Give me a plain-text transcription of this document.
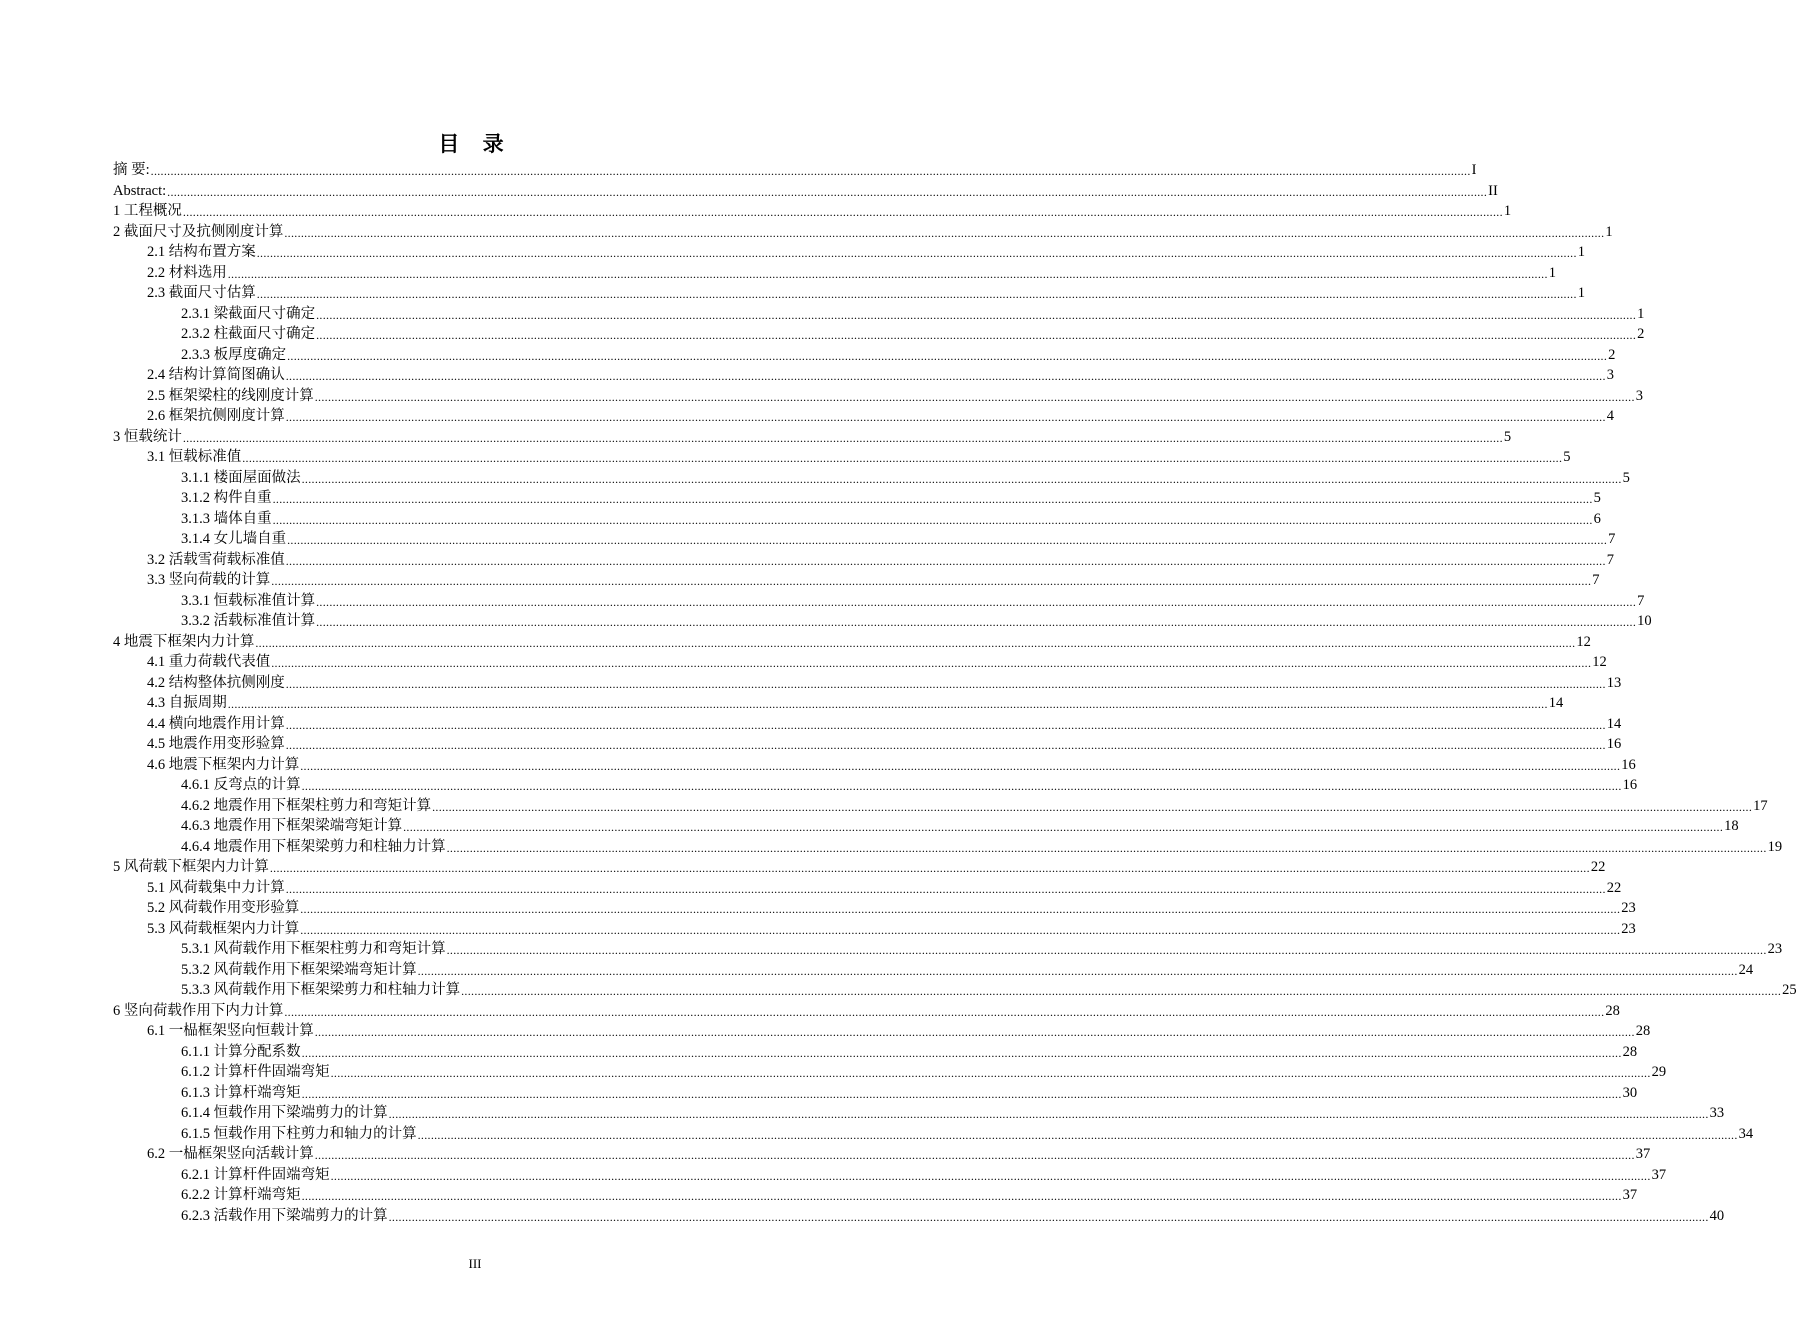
目 录
摘 要: ................................................................................................................................................................................................................................................................................................................................................................................................................ I
Abstract: ................................................................................................................................................................................................................................................................................................................................................................................................................ II
1 工程概况 ................................................................................................................................................................................................................................................................................................................................................................................................................ 1
2 截面尺寸及抗侧刚度计算 ................................................................................................................................................................................................................................................................................................................................................................................................................ 1
2.1 结构布置方案 ................................................................................................................................................................................................................................................................................................................................................................................................................ 1
2.2 材料选用 ................................................................................................................................................................................................................................................................................................................................................................................................................ 1
2.3 截面尺寸估算 ................................................................................................................................................................................................................................................................................................................................................................................................................ 1
2.3.1 梁截面尺寸确定 ................................................................................................................................................................................................................................................................................................................................................................................................................ 1
2.3.2 柱截面尺寸确定 ................................................................................................................................................................................................................................................................................................................................................................................................................ 2
2.3.3 板厚度确定 ................................................................................................................................................................................................................................................................................................................................................................................................................ 2
2.4 结构计算简图确认 ................................................................................................................................................................................................................................................................................................................................................................................................................ 3
2.5 框架梁柱的线刚度计算 ................................................................................................................................................................................................................................................................................................................................................................................................................ 3
2.6 框架抗侧刚度计算 ................................................................................................................................................................................................................................................................................................................................................................................................................ 4
3 恒载统计 ................................................................................................................................................................................................................................................................................................................................................................................................................ 5
3.1 恒载标准值 ................................................................................................................................................................................................................................................................................................................................................................................................................ 5
3.1.1 楼面屋面做法 ................................................................................................................................................................................................................................................................................................................................................................................................................ 5
3.1.2 构件自重 ................................................................................................................................................................................................................................................................................................................................................................................................................ 5
3.1.3 墙体自重 ................................................................................................................................................................................................................................................................................................................................................................................................................ 6
3.1.4 女儿墙自重 ................................................................................................................................................................................................................................................................................................................................................................................................................ 7
3.2 活载雪荷载标准值 ................................................................................................................................................................................................................................................................................................................................................................................................................ 7
3.3 竖向荷载的计算 ................................................................................................................................................................................................................................................................................................................................................................................................................ 7
3.3.1 恒载标准值计算 ................................................................................................................................................................................................................................................................................................................................................................................................................ 7
3.3.2 活载标准值计算 ................................................................................................................................................................................................................................................................................................................................................................................................................ 10
4 地震下框架内力计算 ................................................................................................................................................................................................................................................................................................................................................................................................................ 12
4.1 重力荷载代表值 ................................................................................................................................................................................................................................................................................................................................................................................................................ 12
4.2 结构整体抗侧刚度 ................................................................................................................................................................................................................................................................................................................................................................................................................ 13
4.3 自振周期 ................................................................................................................................................................................................................................................................................................................................................................................................................ 14
4.4 横向地震作用计算 ................................................................................................................................................................................................................................................................................................................................................................................................................ 14
4.5 地震作用变形验算 ................................................................................................................................................................................................................................................................................................................................................................................................................ 16
4.6 地震下框架内力计算 ................................................................................................................................................................................................................................................................................................................................................................................................................ 16
4.6.1 反弯点的计算 ................................................................................................................................................................................................................................................................................................................................................................................................................ 16
4.6.2 地震作用下框架柱剪力和弯矩计算 ................................................................................................................................................................................................................................................................................................................................................................................................................ 17
4.6.3 地震作用下框架梁端弯矩计算 ................................................................................................................................................................................................................................................................................................................................................................................................................ 18
4.6.4 地震作用下框架梁剪力和柱轴力计算 ................................................................................................................................................................................................................................................................................................................................................................................................................ 19
5 风荷载下框架内力计算 ................................................................................................................................................................................................................................................................................................................................................................................................................ 22
5.1 风荷载集中力计算 ................................................................................................................................................................................................................................................................................................................................................................................................................ 22
5.2 风荷载作用变形验算 ................................................................................................................................................................................................................................................................................................................................................................................................................ 23
5.3 风荷载框架内力计算 ................................................................................................................................................................................................................................................................................................................................................................................................................ 23
5.3.1 风荷载作用下框架柱剪力和弯矩计算 ................................................................................................................................................................................................................................................................................................................................................................................................................ 23
5.3.2 风荷载作用下框架梁端弯矩计算 ................................................................................................................................................................................................................................................................................................................................................................................................................ 24
5.3.3 风荷载作用下框架梁剪力和柱轴力计算 ................................................................................................................................................................................................................................................................................................................................................................................................................ 25
6 竖向荷载作用下内力计算 ................................................................................................................................................................................................................................................................................................................................................................................................................ 28
6.1 一榀框架竖向恒载计算 ................................................................................................................................................................................................................................................................................................................................................................................................................ 28
6.1.1 计算分配系数 ................................................................................................................................................................................................................................................................................................................................................................................................................ 28
6.1.2 计算杆件固端弯矩 ................................................................................................................................................................................................................................................................................................................................................................................................................ 29
6.1.3 计算杆端弯矩 ................................................................................................................................................................................................................................................................................................................................................................................................................ 30
6.1.4 恒载作用下梁端剪力的计算 ................................................................................................................................................................................................................................................................................................................................................................................................................ 33
6.1.5 恒载作用下柱剪力和轴力的计算 ................................................................................................................................................................................................................................................................................................................................................................................................................ 34
6.2 一榀框架竖向活载计算 ................................................................................................................................................................................................................................................................................................................................................................................................................ 37
6.2.1 计算杆件固端弯矩 ................................................................................................................................................................................................................................................................................................................................................................................................................ 37
6.2.2 计算杆端弯矩 ................................................................................................................................................................................................................................................................................................................................................................................................................ 37
6.2.3 活载作用下梁端剪力的计算 ................................................................................................................................................................................................................................................................................................................................................................................................................ 40
III
